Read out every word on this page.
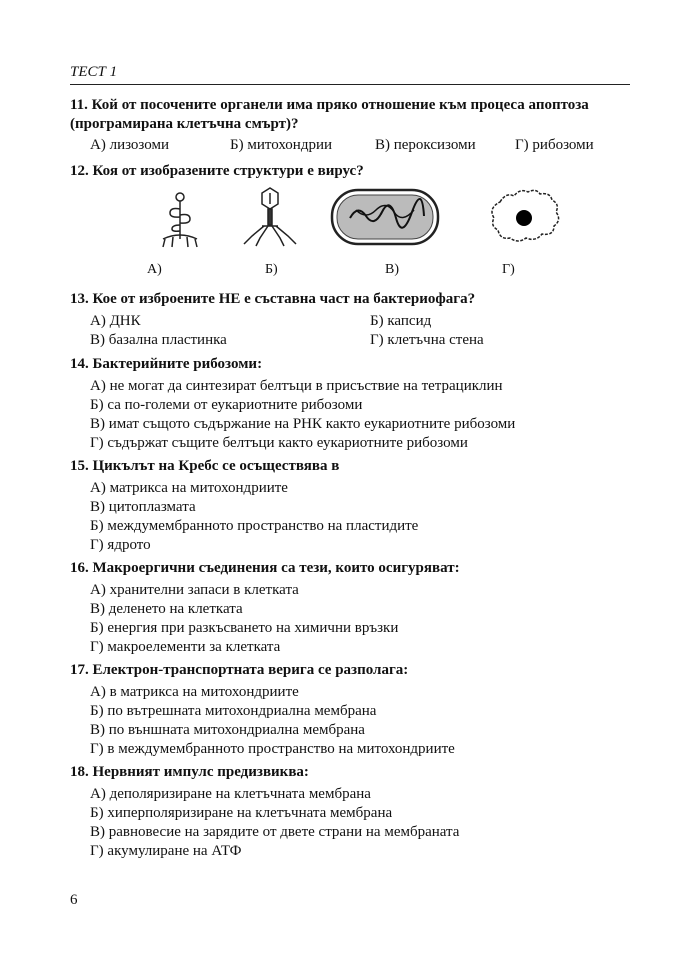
ТЕСТ 1

11. Кой от посочените органели има пряко отношение към процеса апоптоза (програмирана клетъчна смърт)?

А) лизозоми	Б) митохондрии	В) пероксизоми	Г) рибозоми

12. Коя от изобразените структури е вирус?

А)	Б)	В)	Г)

13. Кое от изброените НЕ е съставна част на бактериофага?

А) ДНК	Б) капсид
В) базална пластинка	Г) клетъчна стена

14. Бактерийните рибозоми:

А) не могат да синтезират белтъци в присъствие на тетрациклин
Б) са по-големи от еукариотните рибозоми
В) имат същото съдържание на РНК както еукариотните рибозоми
Г) съдържат същите белтъци както еукариотните рибозоми

15. Цикълът на Кребс се осъществява в

А) матрикса на митохондриите
В) цитоплазмата
Б) междумембранното пространство на пластидите
Г) ядрото

16. Макроергични съединения са тези, които осигуряват:

А) хранителни запаси в клетката
В) деленето на клетката
Б) енергия при разкъсването на химични връзки
Г) макроелементи за клетката

17. Електрон-транспортната верига се разполага:

А) в матрикса на митохондриите
Б) по вътрешната митохондриална мембрана
В) по външната митохондриална мембрана
Г) в междумембранното пространство на митохондриите

18. Нервният импулс предизвиква:

А) деполяризиране на клетъчната мембрана
Б) хиперполяризиране на клетъчната мембрана
В) равновесие на зарядите от двете страни на мембраната
Г) акумулиране на АТФ
6
